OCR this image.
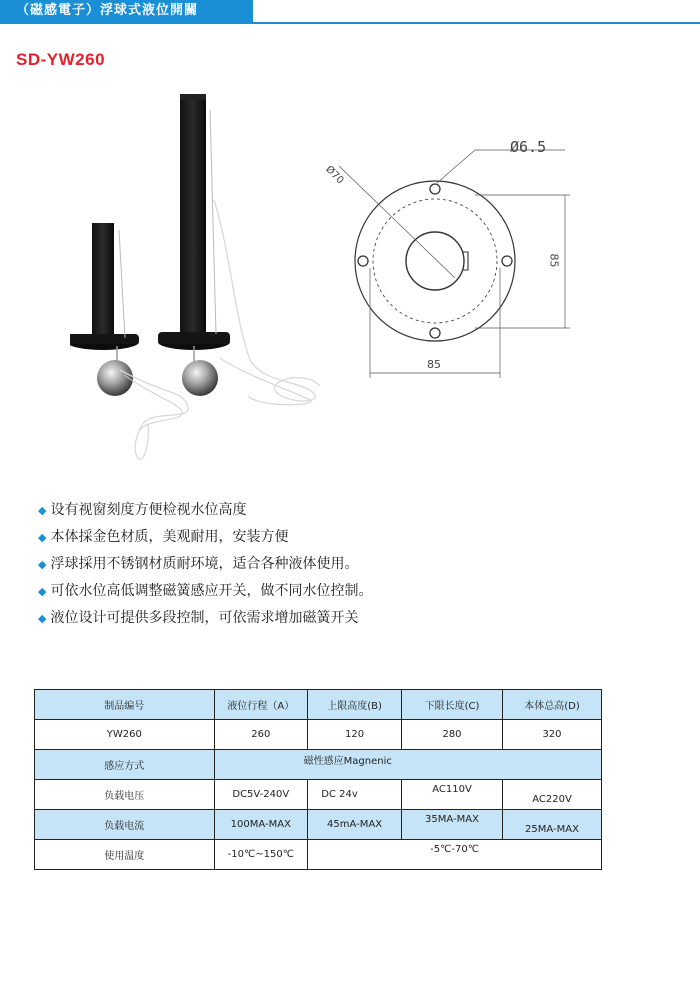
（磁感電子）浮球式液位開關
SD-YW260
Ø6.5
Ø70
85
85
◆ 设有视窗刻度方便检视水位高度
◆ 本体採金色材质，美观耐用，安装方便
◆ 浮球採用不锈钢材质耐环境，适合各种液体使用。
◆ 可依水位高低调整磁簧感应开关，做不同水位控制。
◆ 液位设计可提供多段控制，可依需求增加磁簧开关
制品编号	液位行程（A）	上限高度(B)	下限长度(C)	本体总高(D)
YW260	260	120	280	320
感应方式	磁性感应Magnenic			
负载电压	DC5V-240V	DC 24v	AC110V	AC220V
负载电流	100MA-MAX	45mA-MAX	35MA-MAX	25MA-MAX
使用温度	-10℃~150℃	-5℃-70℃		
